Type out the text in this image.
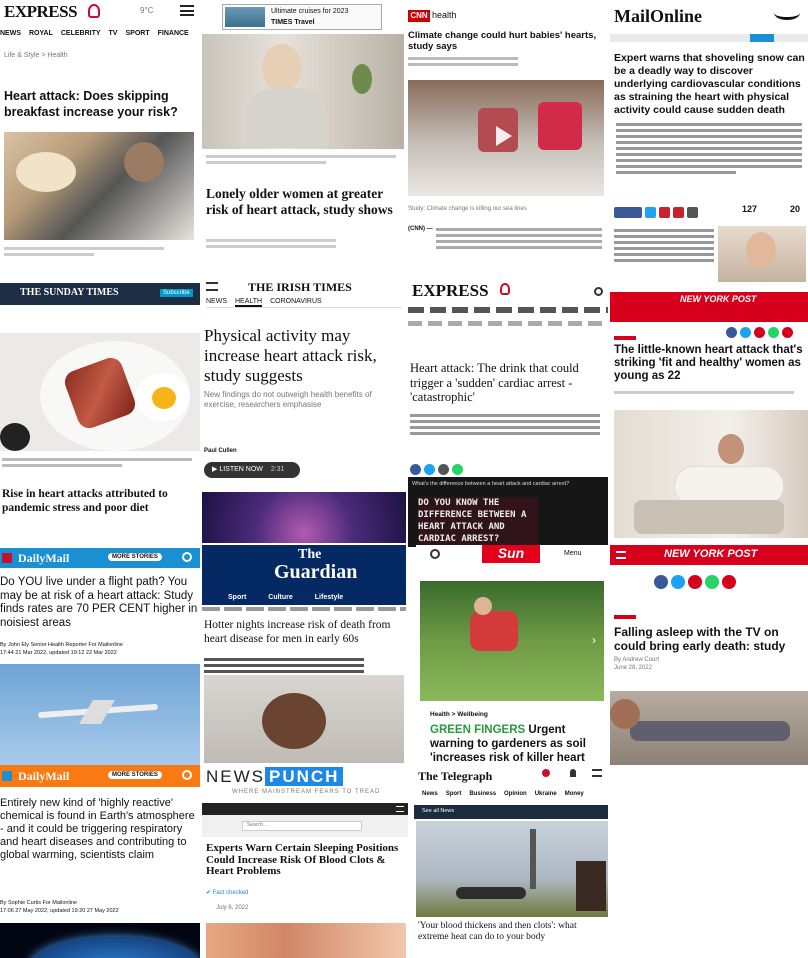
EXPRESS	9°C
NEWS ROYAL CELEBRITY TV SPORT FINANCE
Life & Style > Health
Heart attack: Does skipping breakfast increase your risk?
Ultimate cruises for 2023
TIMES Travel
Lonely older women at greater risk of heart attack, study shows
CNN health
Climate change could hurt babies' hearts, study says
Study: Climate change is killing our sea lines
(CNN) —
MailOnline
Expert warns that shoveling snow can be a deadly way to discover underlying cardiovascular conditions as straining the heart with physical activity could cause sudden death
127	20
THE SUNDAY TIMES	Subscribe
Rise in heart attacks attributed to pandemic stress and poor diet
THE IRISH TIMES
NEWS HEALTH CORONAVIRUS
Physical activity may increase heart attack risk, study suggests
New findings do not outweigh health benefits of exercise, researchers emphasise
Paul Cullen
▶ LISTEN NOW 2:31
EXPRESS
Heart attack: The drink that could trigger a 'sudden' cardiac arrest - 'catastrophic'
What's the difference between a heart attack and cardiac arrest?
DO YOU KNOW THE DIFFERENCE BETWEEN A HEART ATTACK AND CARDIAC ARREST?
NEW YORK POST
The little-known heart attack that's striking 'fit and healthy' women as young as 22
DailyMail	MORE STORIES
Do YOU live under a flight path? You may be at risk of a heart attack: Study finds rates are 70 PER CENT higher in noisiest areas
By John Ely Senior Health Reporter For Mailonline
17:44 21 Mar 2022, updated 19:12 22 Mar 2022
The
Guardian
Sport	Culture	Lifestyle
Hotter nights increase risk of death from heart disease for men in early 60s
Sun	Menu
›
Health > Wellbeing
GREEN FINGERS Urgent warning to gardeners as soil 'increases risk of killer heart
NEW YORK POST
Falling asleep with the TV on could bring early death: study
By Andrew Court
June 28, 2022
DailyMail	MORE STORIES
Entirely new kind of 'highly reactive' chemical is found in Earth's atmosphere - and it could be triggering respiratory and heart diseases and contributing to global warming, scientists claim
By Sophie Curtis For Mailonline
17:06 27 May 2022, updated 19:20 27 May 2022
NEWS PUNCH
WHERE MAINSTREAM FEARS TO TREAD
Search...
Experts Warn Certain Sleeping Positions Could Increase Risk Of Blood Clots & Heart Problems
✔ Fact checked
July 6, 2022
The Telegraph
News Sport Business Opinion Ukraine Money
See all News
'Your blood thickens and then clots': what extreme heat can do to your body
